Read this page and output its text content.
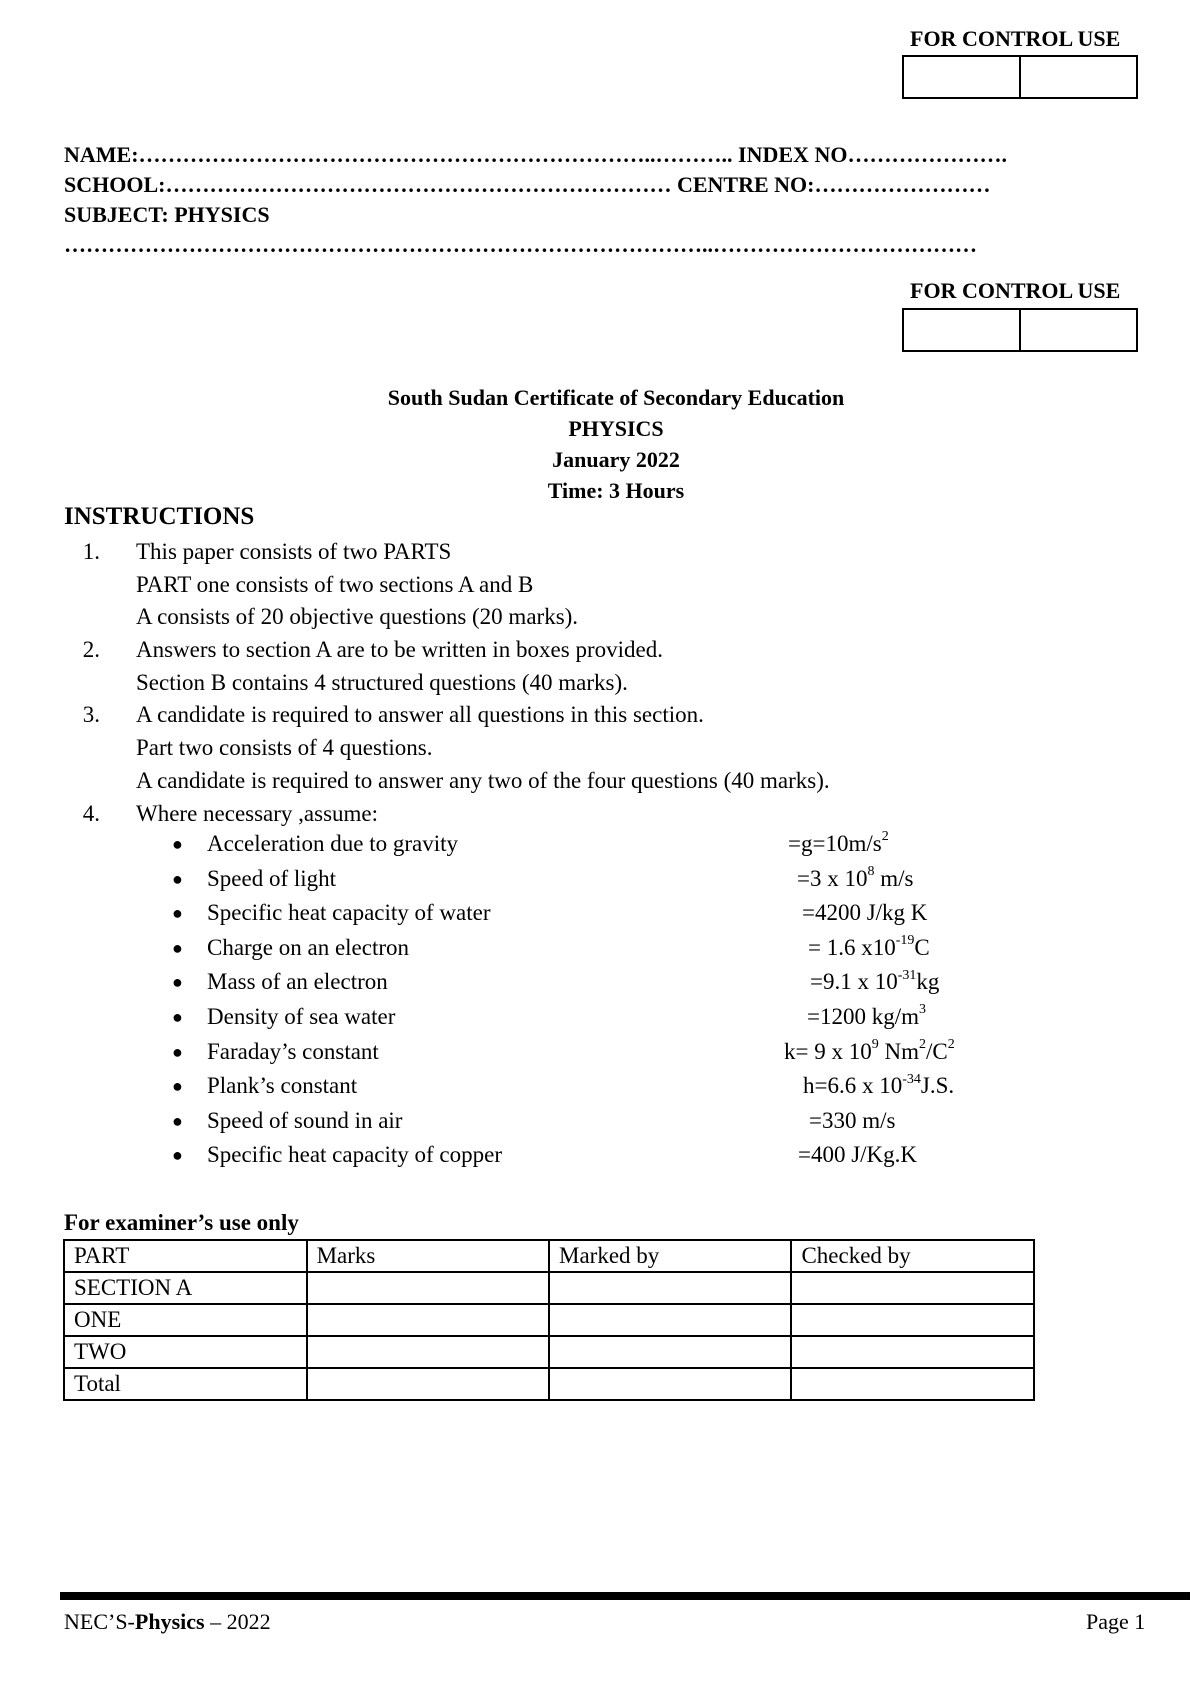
FOR CONTROL USE
NAME:……………………………………………………………..……….. INDEX NO………………….
SCHOOL:…………………………………………………………… CENTRE NO:……………………
SUBJECT: PHYSICS
……………………………………………………………………………..………………………………
FOR CONTROL USE
South Sudan Certificate of Secondary Education
PHYSICS
January 2022
Time: 3 Hours
INSTRUCTIONS
1. This paper consists of two PARTS
PART one consists of two sections A and B
A consists of 20 objective questions (20 marks).
2. Answers to section A are to be written in boxes provided.
Section B contains 4 structured questions (40 marks).
3. A candidate is required to answer all questions in this section.
Part two consists of 4 questions.
A candidate is required to answer any two of the four questions (40 marks).
4. Where necessary ,assume:
● Acceleration due to gravity	$=g=10m/s^2$
● Speed of light	=3 x $10^8$ m/s
● Specific heat capacity of water	=4200 J/kg K
● Charge on an electron	= 1.6 $x10^{-19}C$
● Mass of an electron	=9.1 x $10^{-31}kg$
● Density of sea water	=1200 $kg/m^3$
● Faraday’s constant	k= 9 x $10^9$ $Nm^2/C^2$
● Plank’s constant	h=6.6 x $10^{-34}J.S$.
● Speed of sound in air	=330 m/s
● Specific heat capacity of copper	=400 J/Kg.K
For examiner’s use only
PART	Marks	Marked by	Checked by
SECTION A			
ONE			
TWO			
Total			
NEC’S-Physics – 2022	Page 1
